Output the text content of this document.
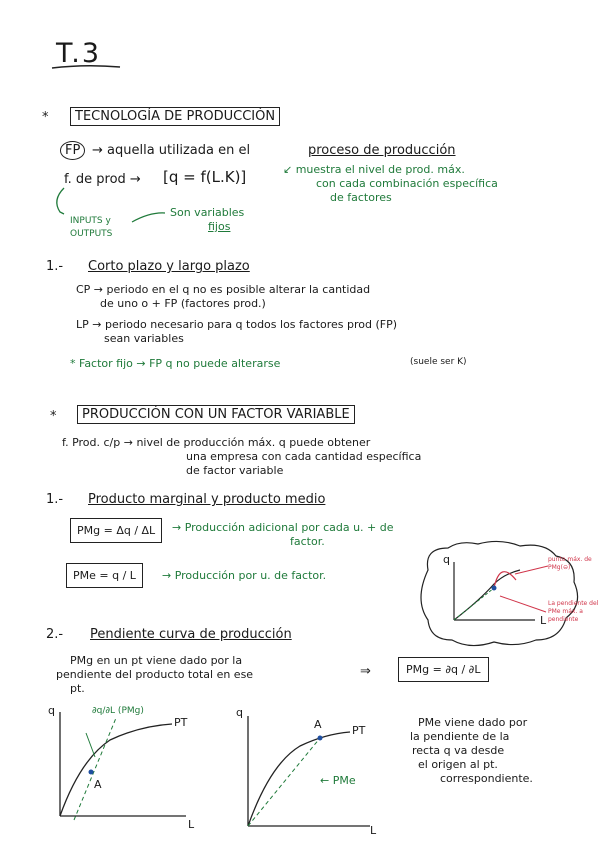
T.3
*	TECNOLOGÍA DE PRODUCCIÓN
FP → aquella utilizada en el	proceso de producción
f. de prod → [q = f(L.K)]	↙ muestra el nivel de prod. máx.
con cada combinación específica
de factores
INPUTS y
OUTPUTS
Son variables
fijos
1.- Corto plazo y largo plazo
CP → periodo en el q no es posible alterar la cantidad
de uno o + FP (factores prod.)
LP → periodo necesario para q todos los factores prod (FP)
sean variables
* Factor fijo → FP q no puede alterarse	(suele ser K)
*	PRODUCCIÓN CON UN FACTOR VARIABLE
f. Prod. c/p → nivel de producción máx. q puede obtener
una empresa con cada cantidad específica
de factor variable
1.- Producto marginal y producto medio
PMg = Δq / ΔL	→ Producción adicional por cada u. + de
factor.
PMe = q / L	→ Producción por u. de factor.
q
L
punto máx. de PMg(⊖)
La pendiente del PMe máx. a pendiente
2.- Pendiente curva de producción
PMg en un pt viene dado por la
pendiente del producto total en ese
pt.
⇒	PMg = ∂q / ∂L
q
L
PT
A
∂q/∂L (PMg)	q
L
PT
A
← PMe
PMe viene dado por
la pendiente de la
recta q va desde
el origen al pt.
correspondiente.
